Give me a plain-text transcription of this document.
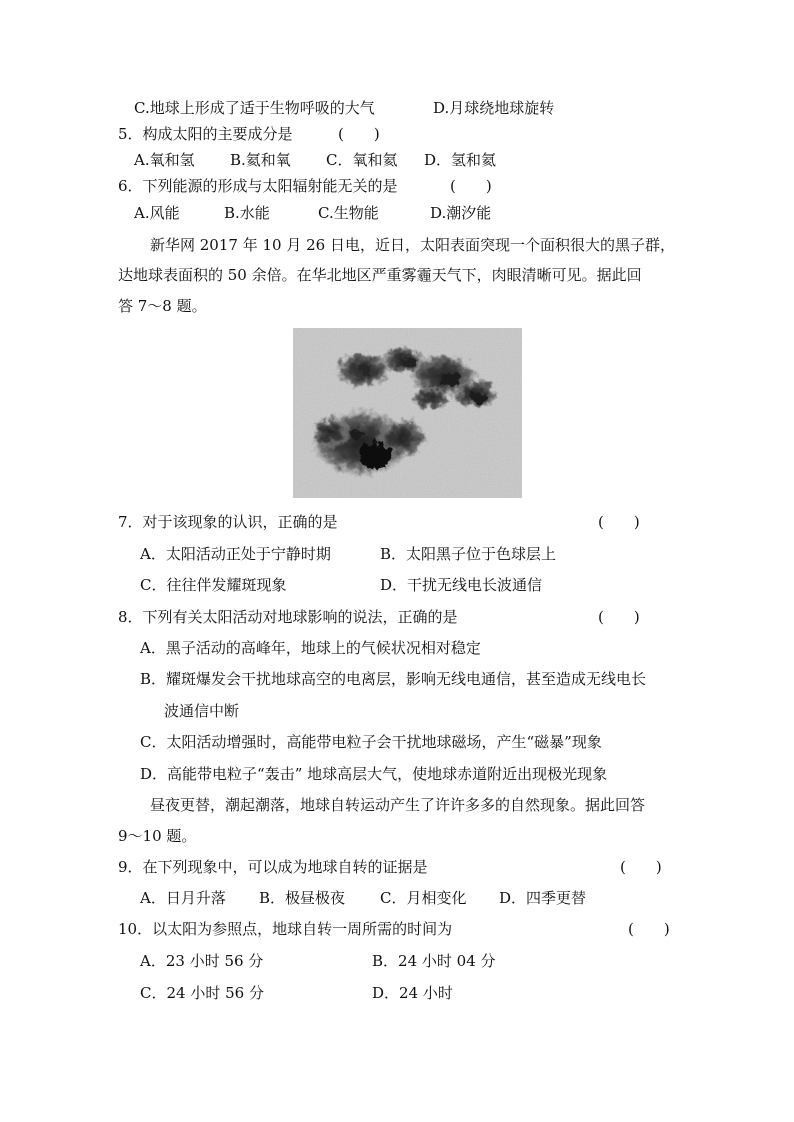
C.地球上形成了适于生物呼吸的大气	D.月球绕地球旋转
5．构成太阳的主要成分是	(　　)
A.氧和氢 B.氦和氧 C．氧和氦 D．氢和氦
6．下列能源的形成与太阳辐射能无关的是	(　　)
A.风能	B.水能	C.生物能	D.潮汐能
新华网 2017 年 10 月 26 日电，近日，太阳表面突现一个面积很大的黑子群，
达地球表面积的 50 余倍。在华北地区严重雾霾天气下，肉眼清晰可见。据此回
答 7～8 题。
7．对于该现象的认识，正确的是	(　　)
A．太阳活动正处于宁静时期	B．太阳黑子位于色球层上
C．往往伴发耀斑现象	D．干扰无线电长波通信
8．下列有关太阳活动对地球影响的说法，正确的是	(　　)
A．黑子活动的高峰年，地球上的气候状况相对稳定
B．耀斑爆发会干扰地球高空的电离层，影响无线电通信，甚至造成无线电长
波通信中断
C．太阳活动增强时，高能带电粒子会干扰地球磁场，产生“磁暴”现象
D．高能带电粒子“轰击” 地球高层大气，使地球赤道附近出现极光现象
昼夜更替，潮起潮落，地球自转运动产生了许许多多的自然现象。据此回答
9～10 题。
9．在下列现象中，可以成为地球自转的证据是	(　　)
A．日月升落 B．极昼极夜 C．月相变化 D．四季更替
10．以太阳为参照点，地球自转一周所需的时间为	(　　)
A．23 小时 56 分	B．24 小时 04 分
C．24 小时 56 分	D．24 小时
